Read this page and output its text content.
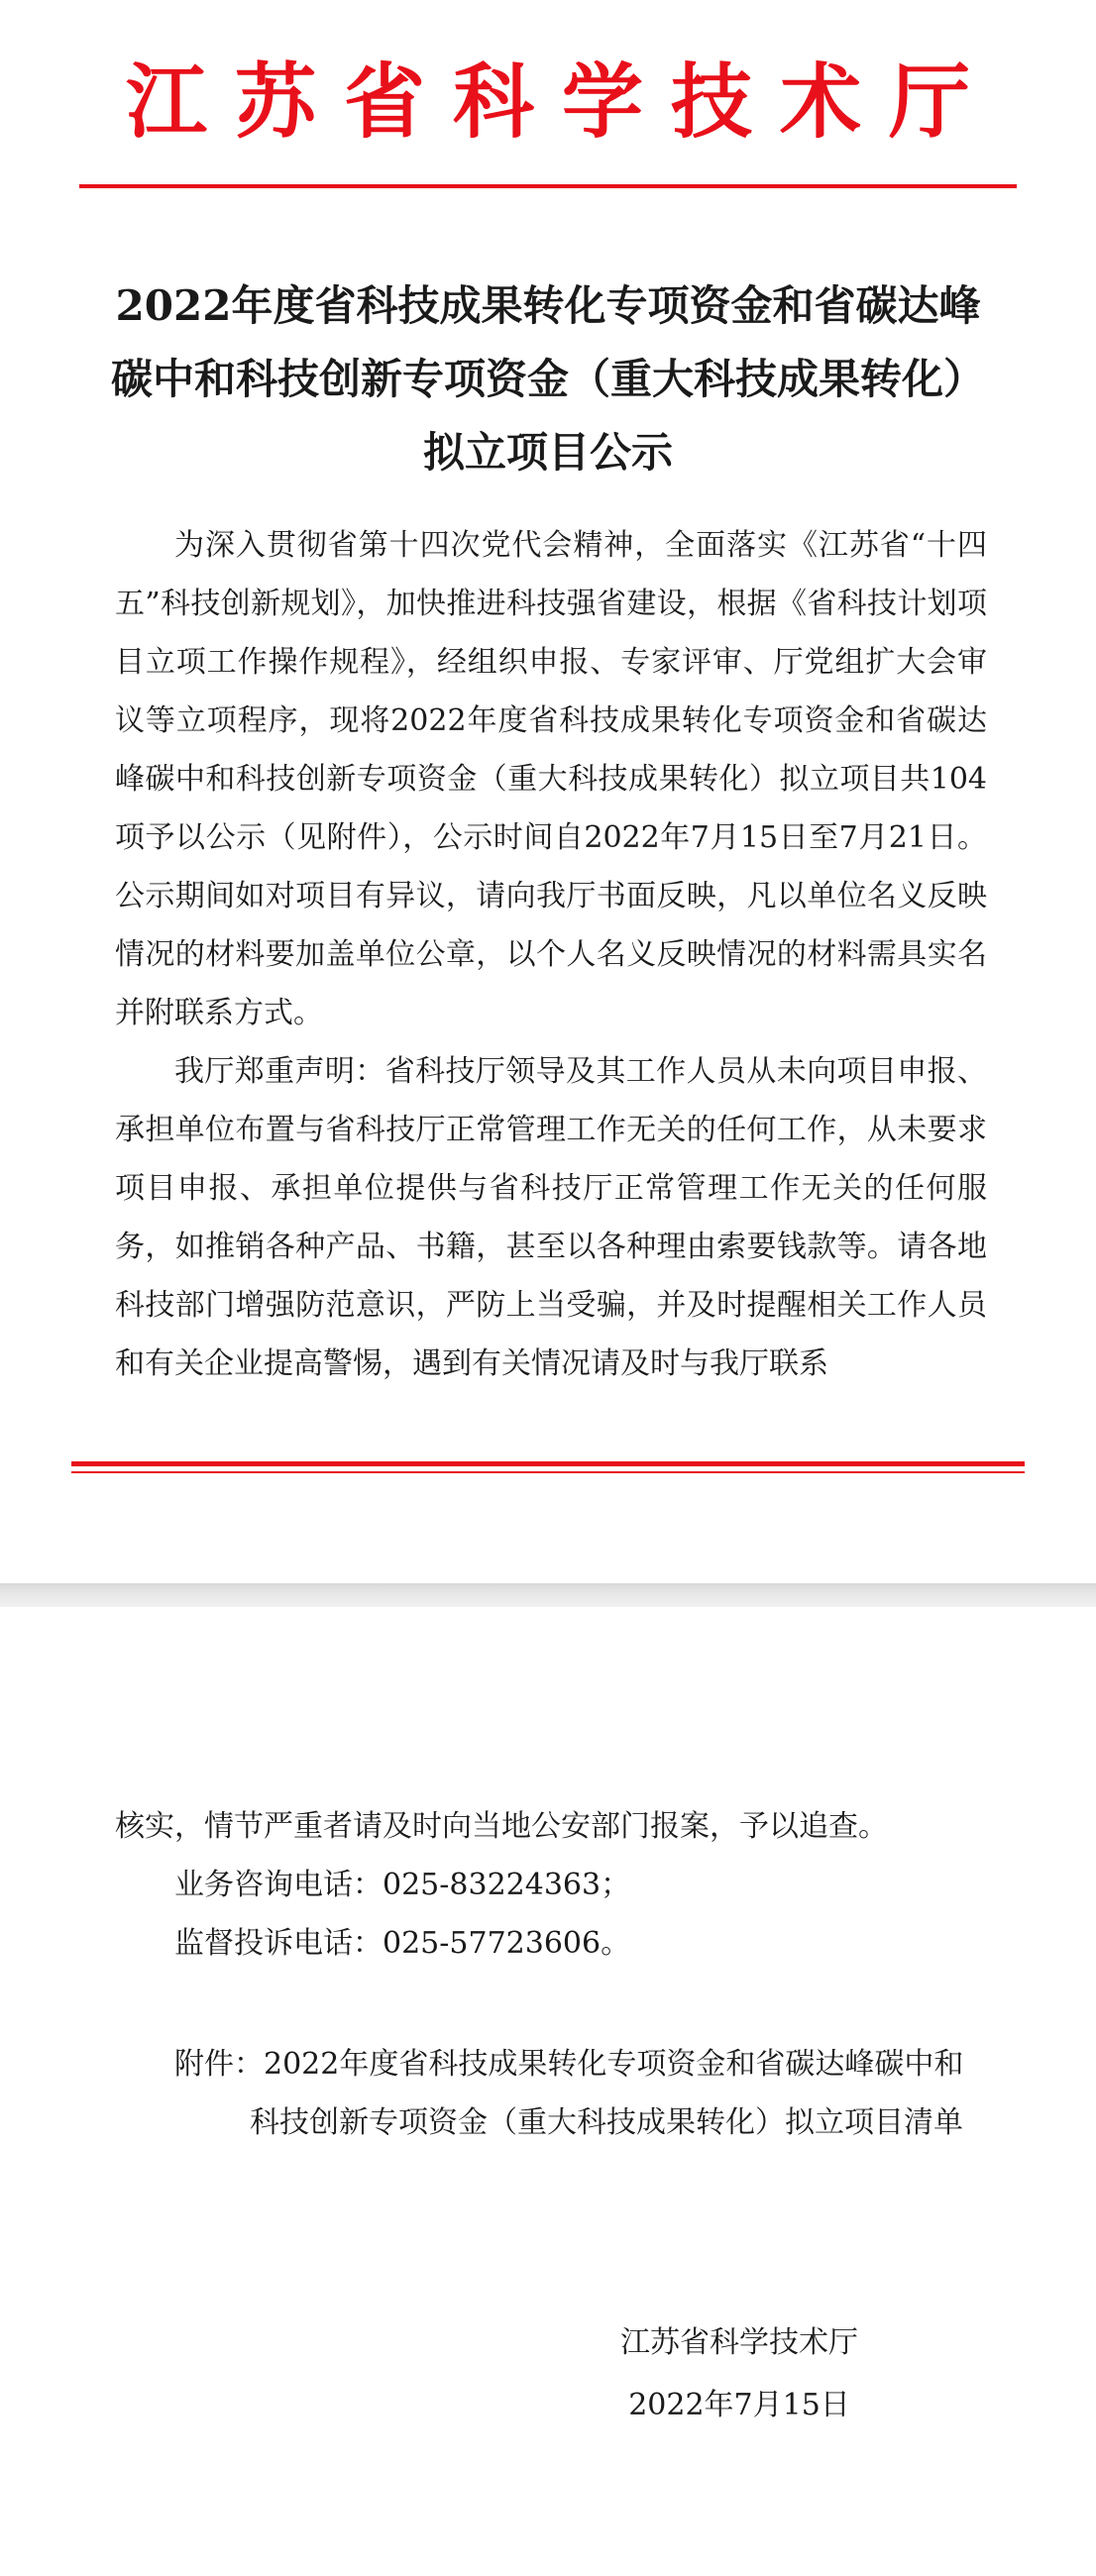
江苏省科学技术厅
2022年度省科技成果转化专项资金和省碳达峰
碳中和科技创新专项资金（重大科技成果转化）
拟立项目公示

为深入贯彻省第十四次党代会精神，全面落实《江苏省“十四五”科技创新规划》，加快推进科技强省建设，根据《省科技计划项目立项工作操作规程》，经组织申报、专家评审、厅党组扩大会审议等立项程序，现将2022年度省科技成果转化专项资金和省碳达峰碳中和科技创新专项资金（重大科技成果转化）拟立项目共104项予以公示（见附件），公示时间自2022年7月15日至7月21日。公示期间如对项目有异议，请向我厅书面反映，凡以单位名义反映情况的材料要加盖单位公章，以个人名义反映情况的材料需具实名并附联系方式。

我厅郑重声明：省科技厅领导及其工作人员从未向项目申报、承担单位布置与省科技厅正常管理工作无关的任何工作，从未要求项目申报、承担单位提供与省科技厅正常管理工作无关的任何服务，如推销各种产品、书籍，甚至以各种理由索要钱款等。请各地科技部门增强防范意识，严防上当受骗，并及时提醒相关工作人员和有关企业提高警惕，遇到有关情况请及时与我厅联系

核实，情节严重者请及时向当地公安部门报案，予以追查。

业务咨询电话：025-83224363；
监督投诉电话：025-57723606。
附件：2022年度省科技成果转化专项资金和省碳达峰碳中和科技创新专项资金（重大科技成果转化）拟立项目清单
江苏省科学技术厅
2022年7月15日
